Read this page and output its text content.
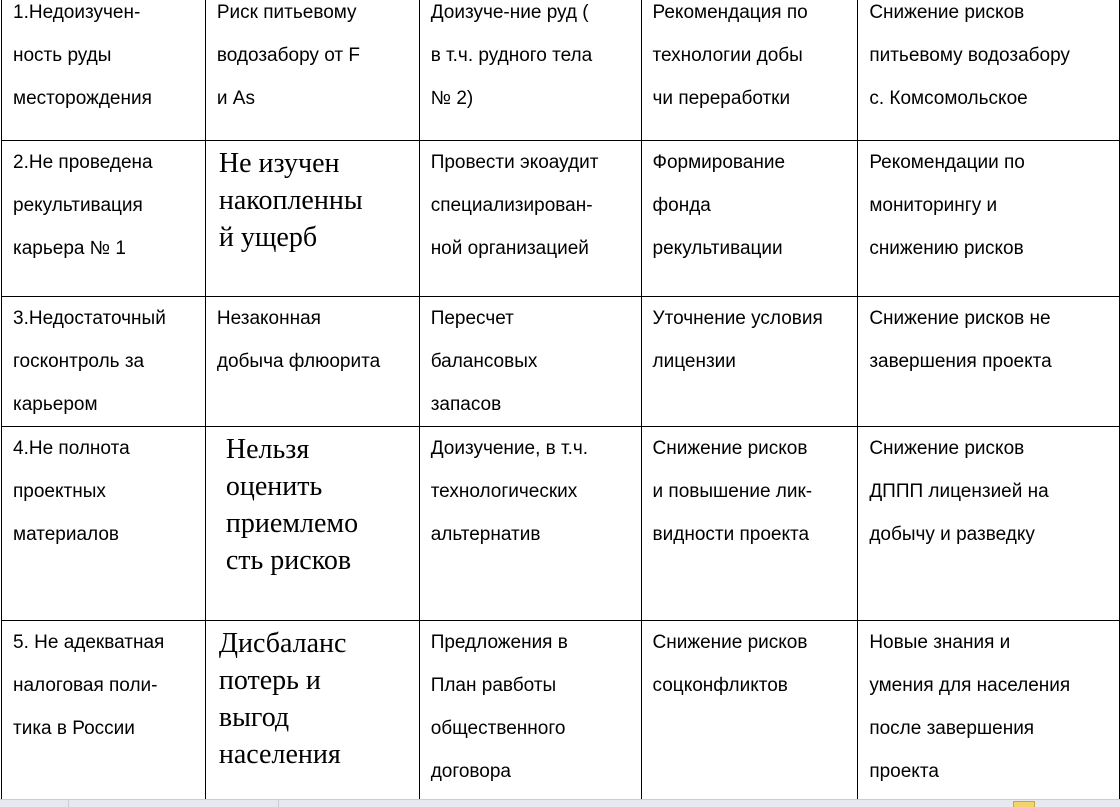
1.Недоизучен-
ность руды
месторождения	Риск питьевому
водозабору от F
и As	Доизуче-ние руд (
в т.ч. рудного тела
№ 2)	Рекомендация по
технологии добы
чи переработки	Снижение рисков
питьевому водозабору
с. Комсомольское

2.Не проведена
рекультивация
карьера № 1	Не изучен
накопленны
й ущерб	Провести экоаудит
специализирован-
ной организацией	Формирование
фонда
рекультивации	Рекомендации по
мониторингу и
снижению рисков

3.Недостаточный
госконтроль за
карьером	Незаконная
добыча флюорита	Пересчет
балансовых
запасов	Уточнение условия
лицензии	Снижение рисков не
завершения проекта

4.Не полнота
проектных
материалов	Нельзя
оценить
приемлемо
сть рисков	Доизучение, в т.ч.
технологических
альтернатив	Снижение рисков
и повышение лик-
видности проекта	Снижение рисков
ДППП лицензией на
добычу и разведку

5. Не адекватная
налоговая поли-
тика в России	Дисбаланс
потерь и
выгод
населения	Предложения в
План равботы
общественного
договора	Снижение рисков
соцконфликтов	Новые знания и
умения для населения
после завершения
проекта
